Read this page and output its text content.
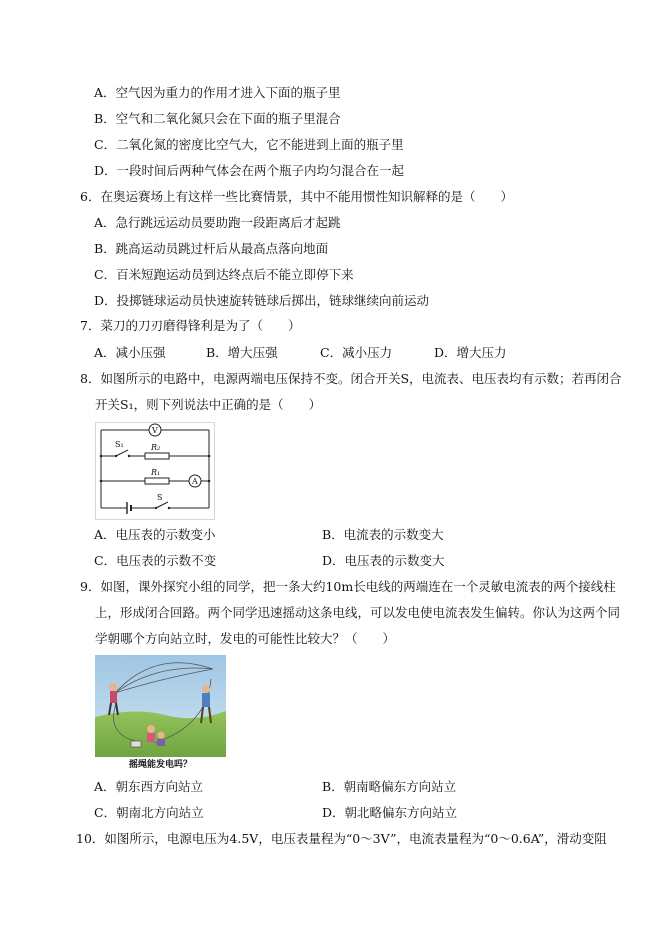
A．空气因为重力的作用才进入下面的瓶子里
B．空气和二氧化氮只会在下面的瓶子里混合
C．二氧化氮的密度比空气大，它不能进到上面的瓶子里
D．一段时间后两种气体会在两个瓶子内均匀混合在一起
6．在奥运赛场上有这样一些比赛情景，其中不能用惯性知识解释的是（　　）
A．急行跳远运动员要助跑一段距离后才起跳
B．跳高运动员跳过杆后从最高点落向地面
C．百米短跑运动员到达终点后不能立即停下来
D．投掷链球运动员快速旋转链球后掷出，链球继续向前运动
7．菜刀的刀刃磨得锋利是为了（　　）
A．减小压强	B．增大压强	C．减小压力	D．增大压力
8．如图所示的电路中，电源两端电压保持不变。闭合开关S，电流表、电压表均有示数；若再闭合
开关S₁，则下列说法中正确的是（　　）
V
S₁	R₂
R₁
A
S
A．电压表的示数变小	B．电流表的示数变大
C．电压表的示数不变	D．电压表的示数变大
9．如图，课外探究小组的同学，把一条大约10m长电线的两端连在一个灵敏电流表的两个接线柱
上，形成闭合回路。两个同学迅速摇动这条电线，可以发电使电流表发生偏转。你认为这两个同
学朝哪个方向站立时，发电的可能性比较大？（　　）
摇绳能发电吗？
A．朝东西方向站立	B．朝南略偏东方向站立
C．朝南北方向站立	D．朝北略偏东方向站立
10．如图所示，电源电压为4.5V，电压表量程为“0～3V”，电流表量程为“0～0.6A”，滑动变阻
